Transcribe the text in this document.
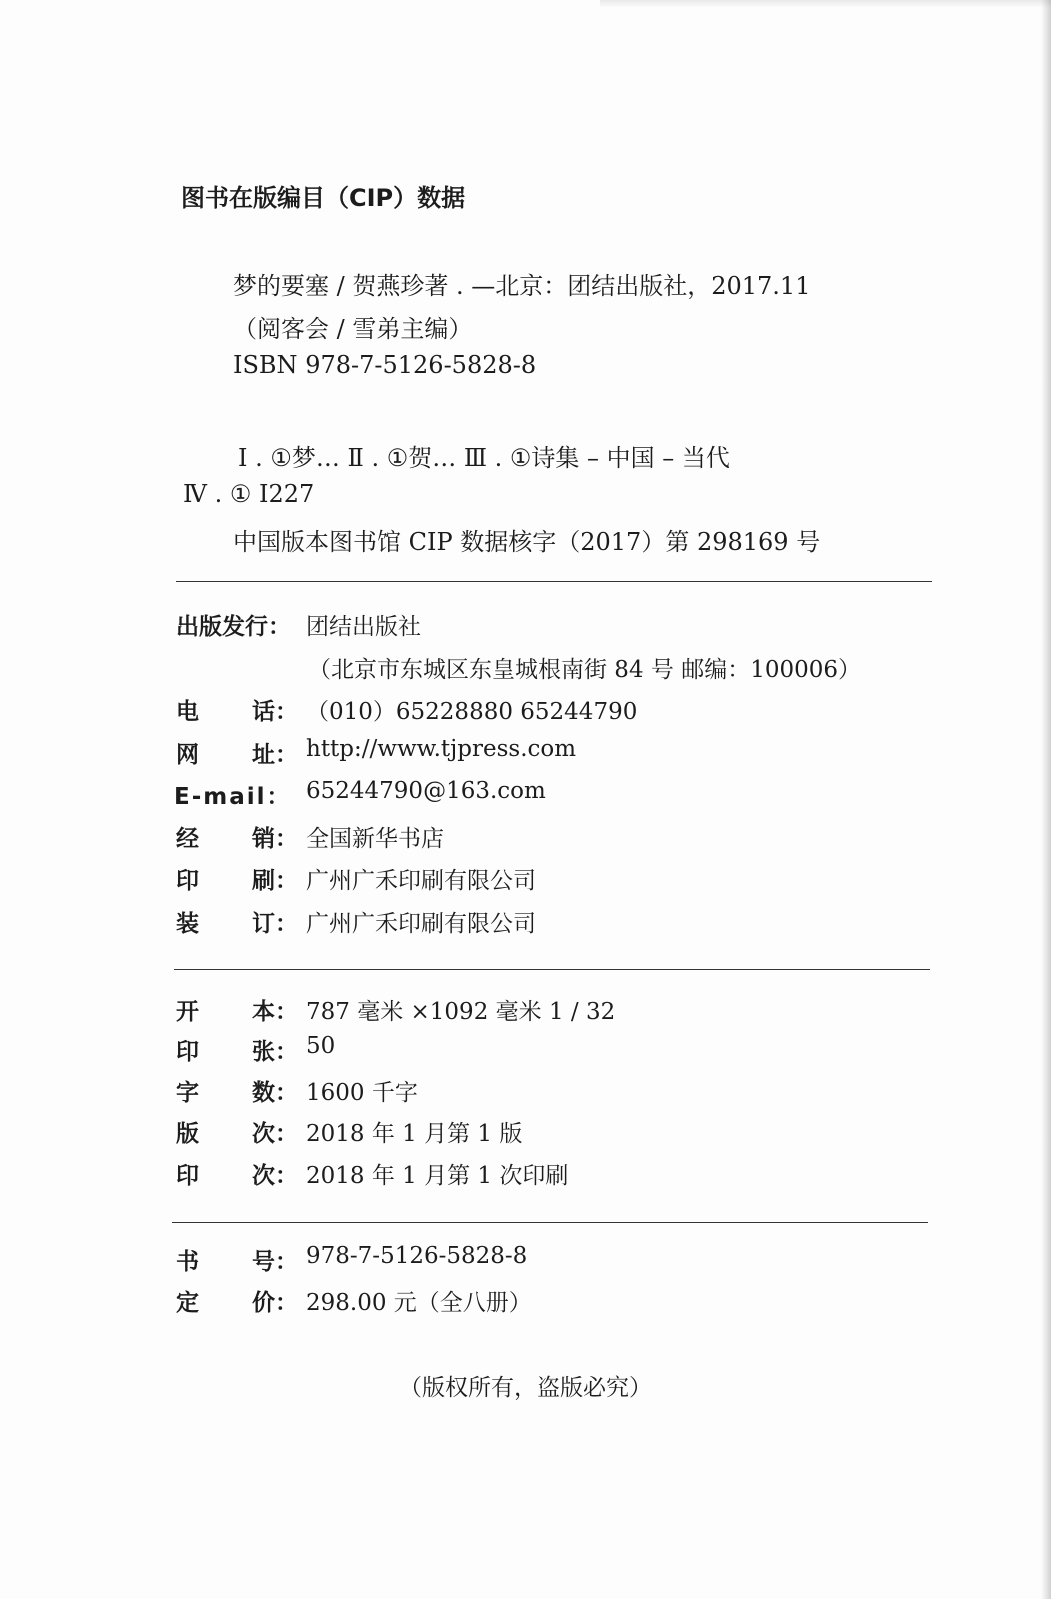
图书在版编目（CIP）数据
梦的要塞 / 贺燕珍著 . —北京：团结出版社，2017.11
（阅客会 / 雪弟主编）
ISBN 978-7-5126-5828-8
Ⅰ . ①梦… Ⅱ . ①贺… Ⅲ . ①诗集 – 中国 – 当代
Ⅳ . ① I227
中国版本图书馆 CIP 数据核字（2017）第 298169 号
出版发行： 团结出版社
（北京市东城区东皇城根南街 84 号 邮编：100006）
电 话： （010）65228880 65244790
网 址： http://www.tjpress.com
E-mail： 65244790@163.com
经 销： 全国新华书店
印 刷： 广州广禾印刷有限公司
装 订： 广州广禾印刷有限公司
开 本： 787 毫米 ×1092 毫米 1 / 32
印 张： 50
字 数： 1600 千字
版 次： 2018 年 1 月第 1 版
印 次： 2018 年 1 月第 1 次印刷
书 号： 978-7-5126-5828-8
定 价： 298.00 元（全八册）
（版权所有，盗版必究）
